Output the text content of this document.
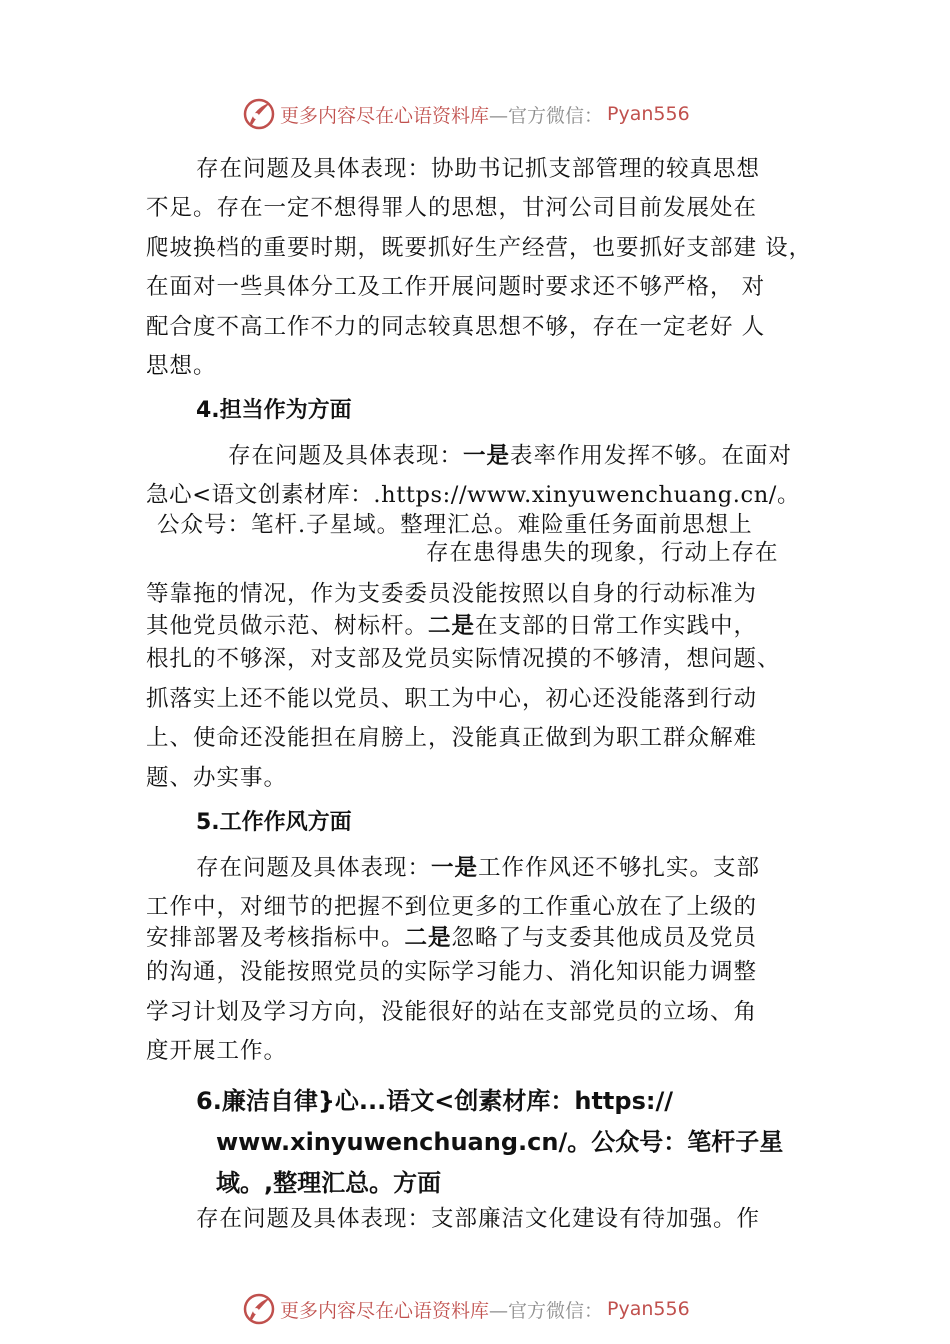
更多内容尽在心语资料库 —官方微信： Pyan556
存在问题及具体表现：协助书记抓支部管理的较真思想
不足。存在一定不想得罪人的思想，甘河公司目前发展处在
爬坡换档的重要时期，既要抓好生产经营，也要抓好支部建 设，
在面对一些具体分工及工作开展问题时要求还不够严格， 对
配合度不高工作不力的同志较真思想不够，存在一定老好 人
思想。
4.担当作为方面
存在问题及具体表现：一是表率作用发挥不够。在面对
急心<语文创素材库：.https://www.xinyuwenchuang.cn/。
公众号：笔杆.子星域。整理汇总。难险重任务面前思想上
存在患得患失的现象，行动上存在
等靠拖的情况，作为支委委员没能按照以自身的行动标准为
其他党员做示范、树标杆。二是在支部的日常工作实践中，
根扎的不够深，对支部及党员实际情况摸的不够清，想问题、
抓落实上还不能以党员、职工为中心，初心还没能落到行动
上、使命还没能担在肩膀上，没能真正做到为职工群众解难
题、办实事。
5.工作作风方面
存在问题及具体表现：一是工作作风还不够扎实。支部
工作中，对细节的把握不到位更多的工作重心放在了上级的
安排部署及考核指标中。二是忽略了与支委其他成员及党员
的沟通，没能按照党员的实际学习能力、消化知识能力调整
学习计划及学习方向，没能很好的站在支部党员的立场、角
度开展工作。
6.廉洁自律}心...语文<创素材库：https://
www.xinyuwenchuang.cn/。公众号：笔杆子星
域。,整理汇总。方面
存在问题及具体表现：支部廉洁文化建设有待加强。作
更多内容尽在心语资料库 —官方微信： Pyan556
